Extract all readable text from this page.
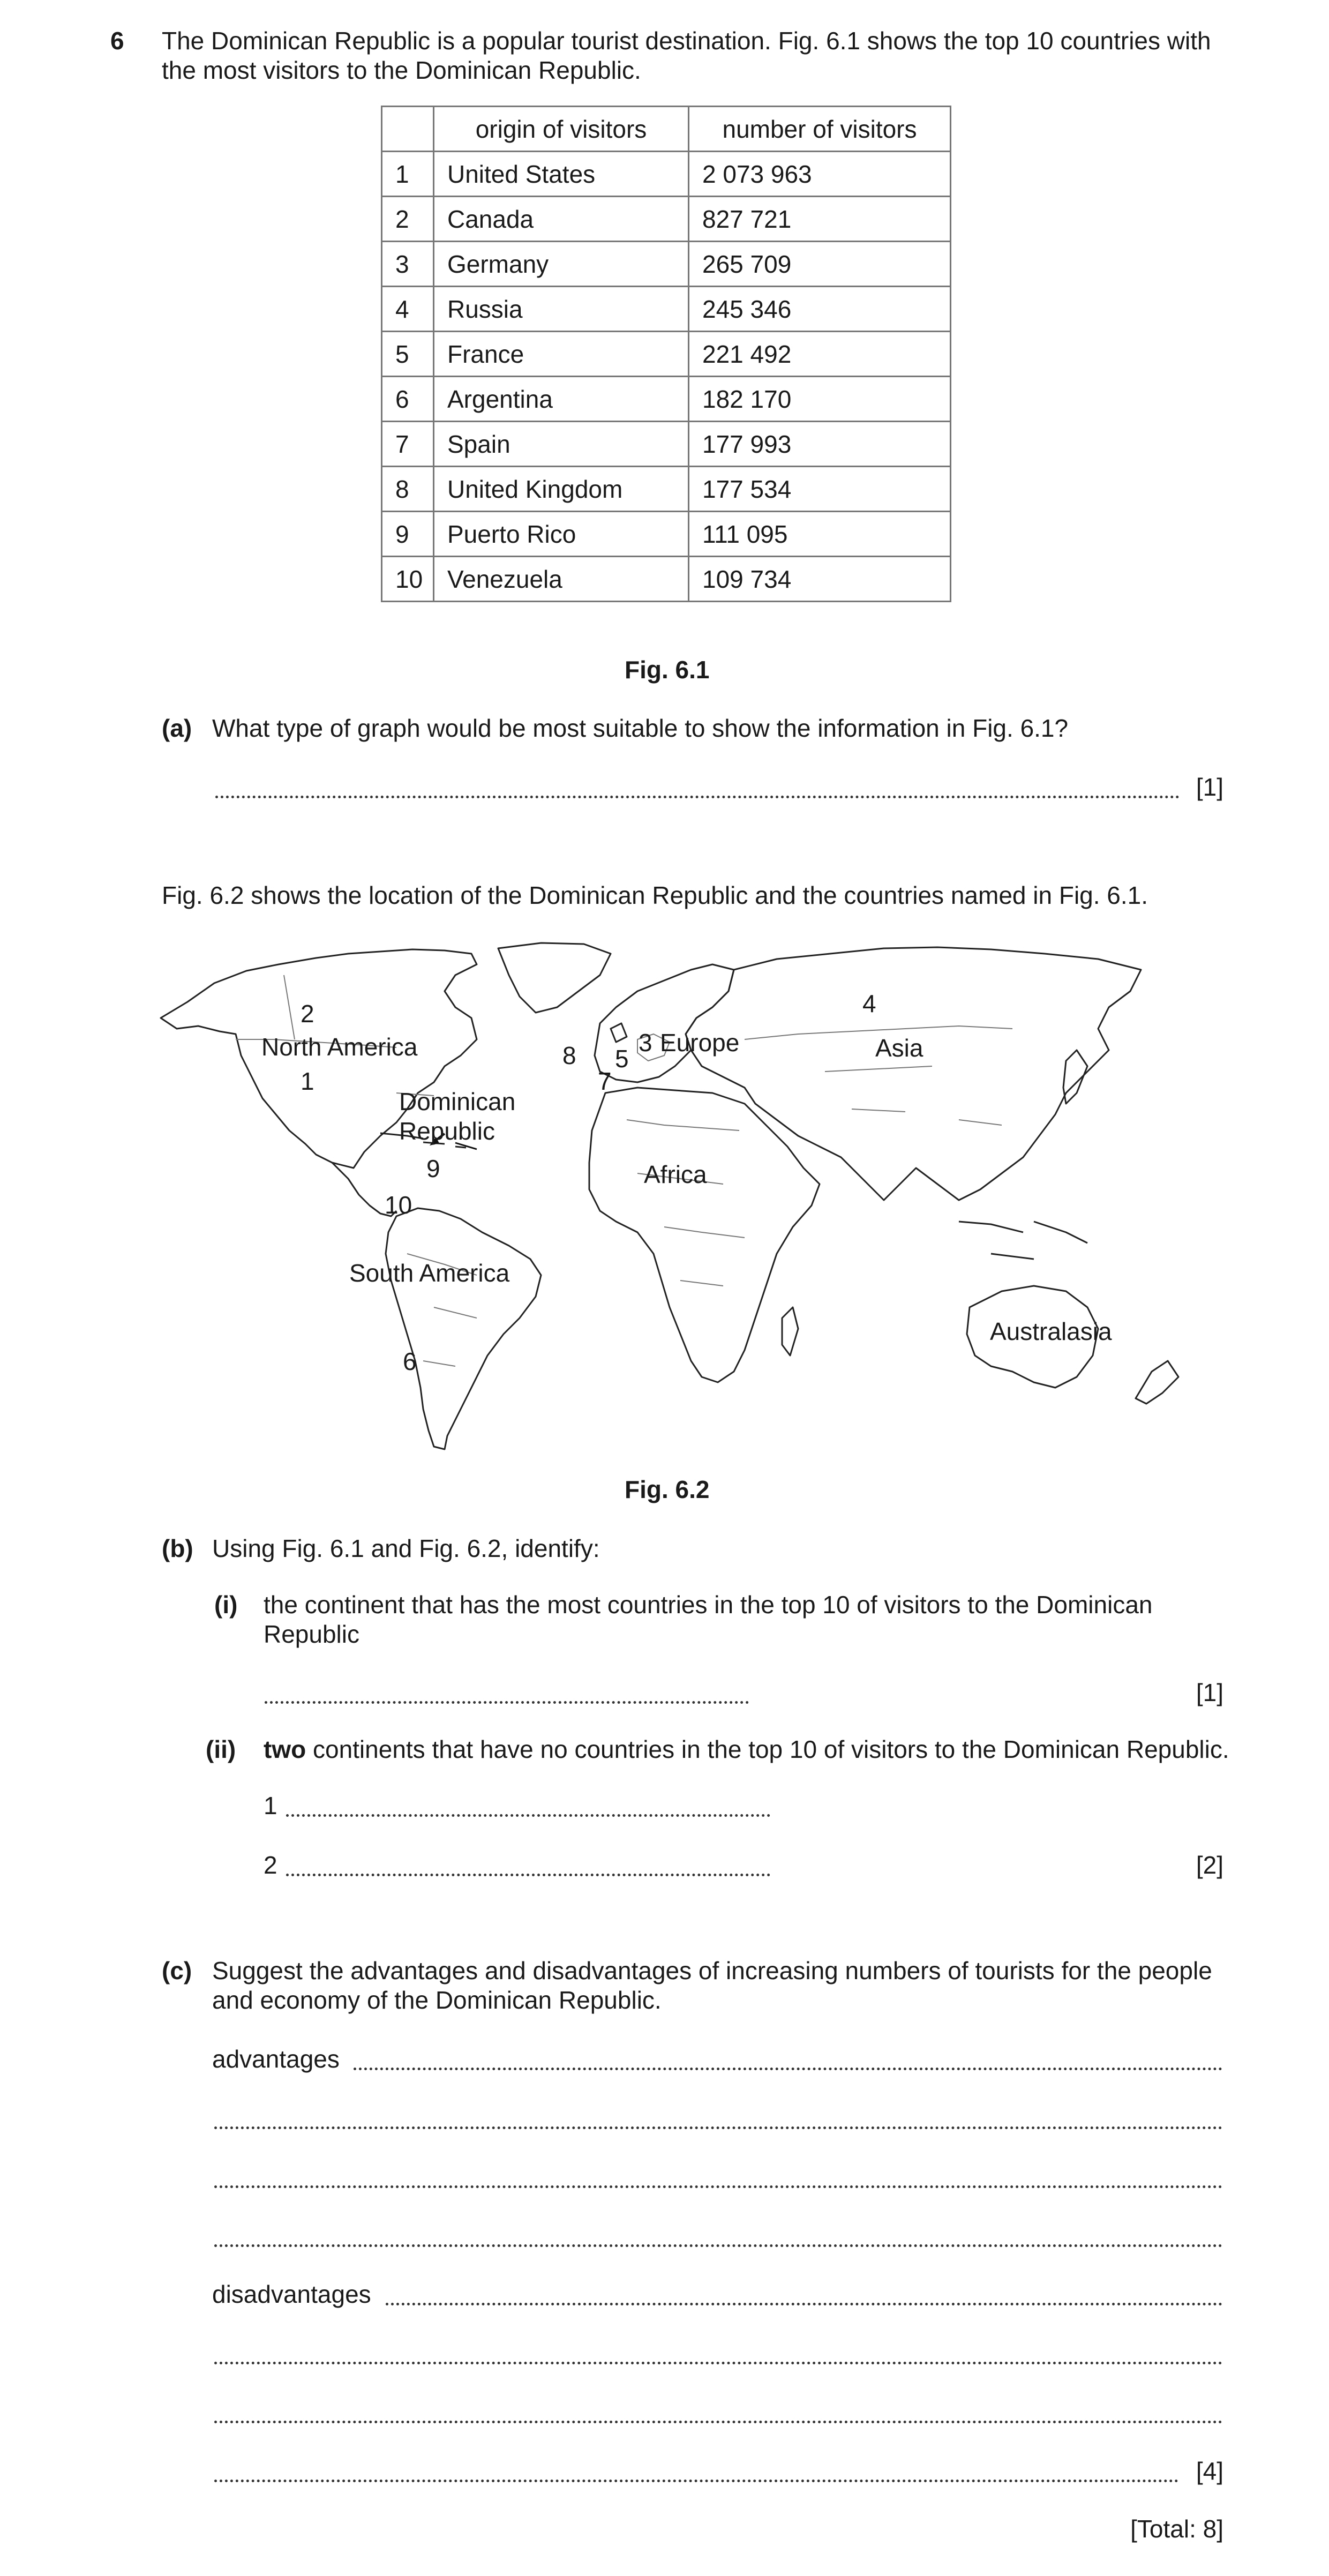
6 The Dominican Republic is a popular tourist destination. Fig. 6.1 shows the top 10 countries with
the most visitors to the Dominican Republic.
	origin of visitors	number of visitors
1	United States	2 073 963
2	Canada	827 721
3	Germany	265 709
4	Russia	245 346
5	France	221 492
6	Argentina	182 170
7	Spain	177 993
8	United Kingdom	177 534
9	Puerto Rico	111 095
10	Venezuela	109 734
Fig. 6.1
(a) What type of graph would be most suitable to show the information in Fig. 6.1?
[1]
Fig. 6.2 shows the location of the Dominican Republic and the countries named in Fig. 6.1.
2
North America
1
Dominican
Republic
9
10
South America
6
8 5
3 Europe
7
Africa
4
Asia
Australasia
Fig. 6.2
(b) Using Fig. 6.1 and Fig. 6.2, identify:
(i) the continent that has the most countries in the top 10 of visitors to the Dominican
Republic
[1]
(ii) two continents that have no countries in the top 10 of visitors to the Dominican Republic.
1
2	[2]
(c) Suggest the advantages and disadvantages of increasing numbers of tourists for the people
and economy of the Dominican Republic.
advantages
disadvantages
[4]
[Total: 8]
